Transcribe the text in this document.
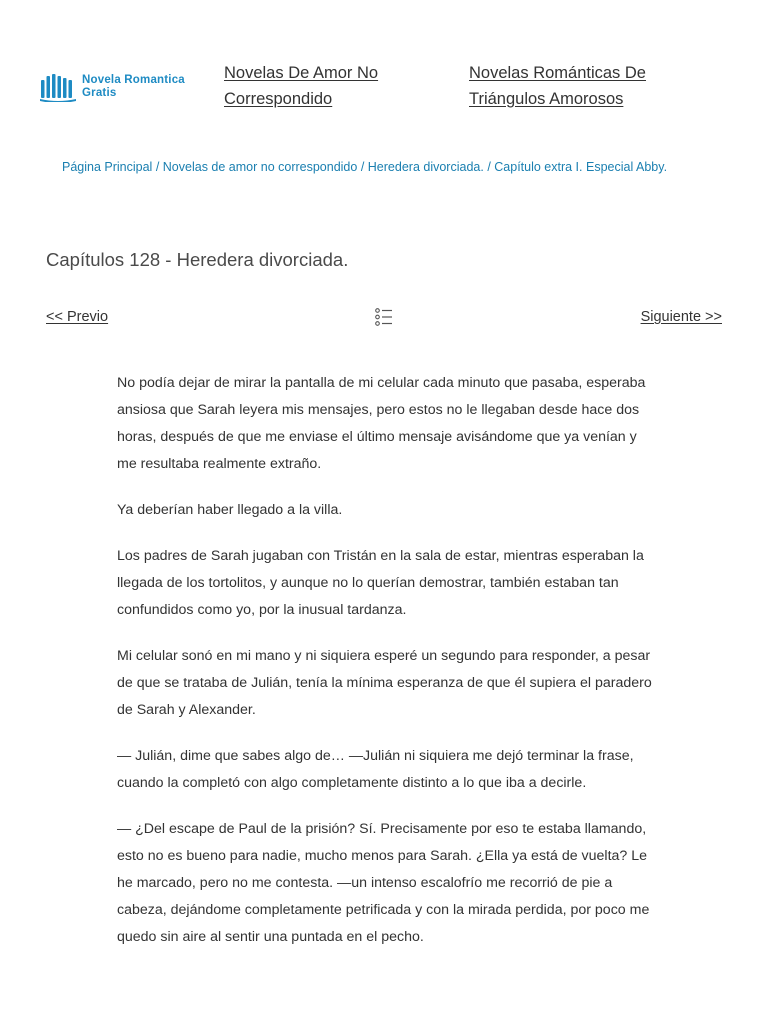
Novela Romantica
Gratis
Novelas De Amor No Correspondido
Novelas Románticas De Triángulos Amorosos
Página Principal / Novelas de amor no correspondido / Heredera divorciada. / Capítulo extra I. Especial Abby.
Capítulos 128 - Heredera divorciada.
<< Previo	Siguiente >>

No podía dejar de mirar la pantalla de mi celular cada minuto que pasaba, esperaba ansiosa que Sarah leyera mis mensajes, pero estos no le llegaban desde hace dos horas, después de que me enviase el último mensaje avisándome que ya venían y me resultaba realmente extraño.

Ya deberían haber llegado a la villa.

Los padres de Sarah jugaban con Tristán en la sala de estar, mientras esperaban la llegada de los tortolitos, y aunque no lo querían demostrar, también estaban tan confundidos como yo, por la inusual tardanza.

Mi celular sonó en mi mano y ni siquiera esperé un segundo para responder, a pesar de que se trataba de Julián, tenía la mínima esperanza de que él supiera el paradero de Sarah y Alexander.

— Julián, dime que sabes algo de… —Julián ni siquiera me dejó terminar la frase, cuando la completó con algo completamente distinto a lo que iba a decirle.

— ¿Del escape de Paul de la prisión? Sí. Precisamente por eso te estaba llamando, esto no es bueno para nadie, mucho menos para Sarah. ¿Ella ya está de vuelta? Le he marcado, pero no me contesta. —un intenso escalofrío me recorrió de pie a cabeza, dejándome completamente petrificada y con la mirada perdida, por poco me quedo sin aire al sentir una puntada en el pecho.
